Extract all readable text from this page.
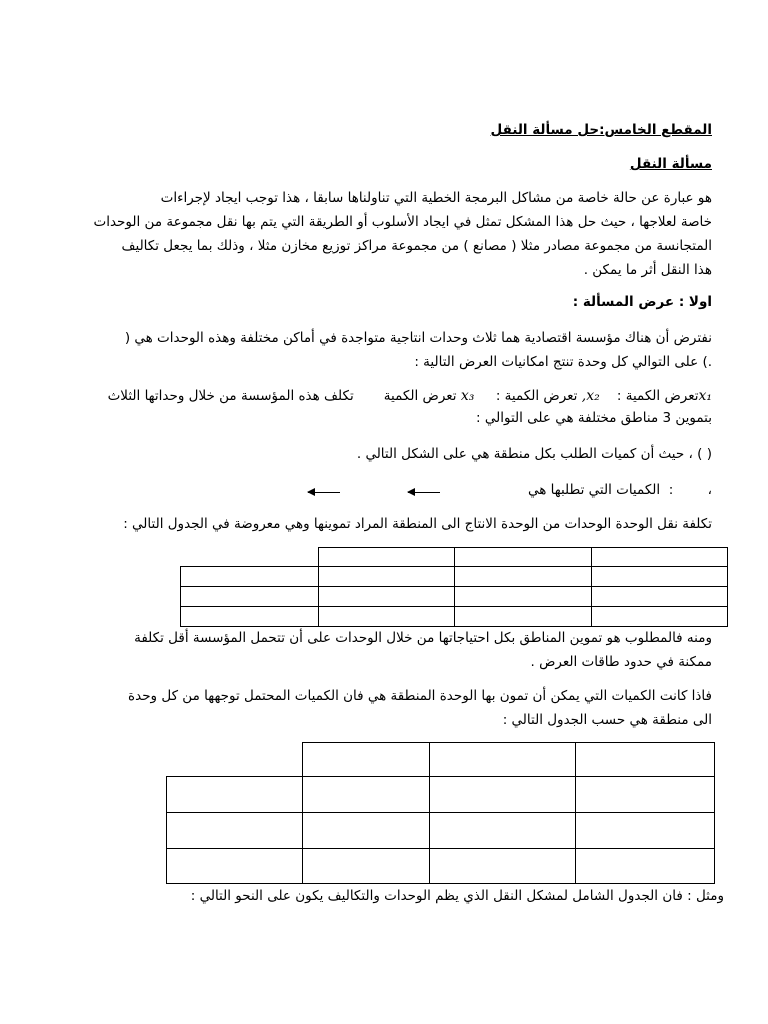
المقطع الخامس:حل مسألة النقل
مسألة النقل
هو عبارة عن حالة خاصة من مشاكل البرمجة الخطية التي تناولناها سابقا ، هذا توجب ايجاد لإجراءات
خاصة لعلاجها ، حيث حل هذا المشكل تمثل في ايجاد الأسلوب أو الطريقة التي يتم بها نقل مجموعة من الوحدات
المتجانسة من مجموعة مصادر مثلا ( مصانع ) من مجموعة مراكز توزيع مخازن مثلا ، وذلك بما يجعل تكاليف
هذا النقل أثر ما يمكن .
اولا : عرض المسألة :
نفترض أن هناك مؤسسة اقتصادية هما ثلاث وحدات انتاجية متواجدة في أماكن مختلفة وهذه الوحدات هي (
.) على التوالي كل وحدة تنتج امكانيات العرض التالية :
x₁تعرض الكمية :    x₂, تعرض الكمية :     x₃ تعرض الكمية       تكلف هذه المؤسسة من خلال وحداتها الثلاث
بتموين 3 مناطق مختلفة هي على التوالي :
( ) ، حيث أن كميات الطلب بكل منطقة هي على الشكل التالي .
،        :  الكميات التي تطلبها هي
تكلفة نقل الوحدة الوحدات من الوحدة الانتاج الى المنطقة المراد تموينها وهي معروضة في الجدول التالي :

ومنه فالمطلوب هو تموين المناطق بكل احتياجاتها من خلال الوحدات على أن تتحمل المؤسسة أقل تكلفة
ممكنة في حدود طاقات العرض .
فاذا كانت الكميات التي يمكن أن تمون بها الوحدة المنطقة هي فان الكميات المحتمل توجهها من كل وحدة
الى منطقة هي حسب الجدول التالي :

ومثل : فان الجدول الشامل لمشكل النقل الذي يظم الوحدات والتكاليف يكون على النحو التالي :
